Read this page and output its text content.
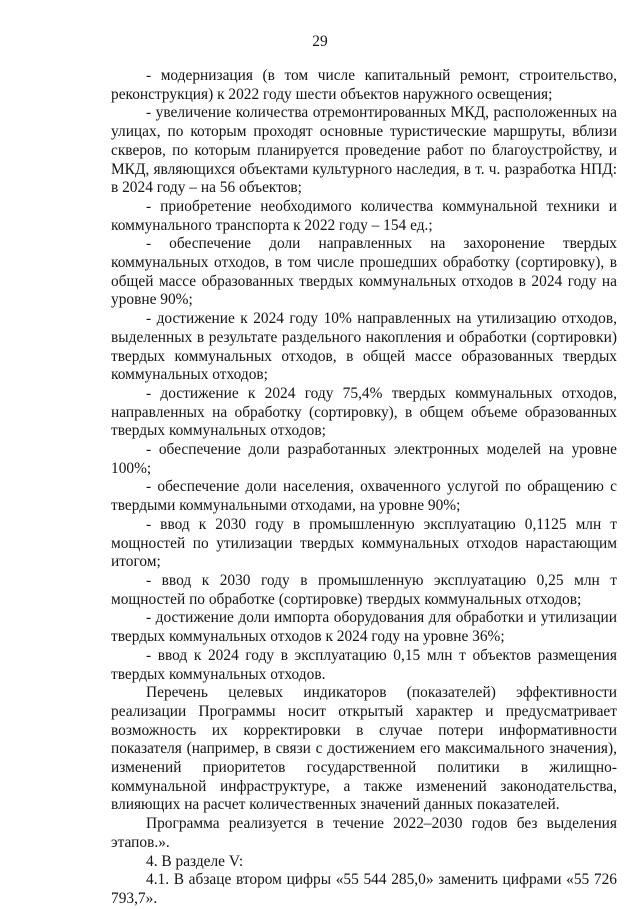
29

- модернизация (в том числе капитальный ремонт, строительство, реконструкция) к 2022 году шести объектов наружного освещения;

- увеличение количества отремонтированных МКД, расположенных на улицах, по которым проходят основные туристические маршруты, вблизи скверов, по которым планируется проведение работ по благоустройству, и МКД, являющихся объектами культурного наследия, в т. ч. разработка НПД: в 2024 году – на 56 объектов;

- приобретение необходимого количества коммунальной техники и коммунального транспорта к 2022 году – 154 ед.;

- обеспечение доли направленных на захоронение твердых коммунальных отходов, в том числе прошедших обработку (сортировку), в общей массе образованных твердых коммунальных отходов в 2024 году на уровне 90%;

- достижение к 2024 году 10% направленных на утилизацию отходов, выделенных в результате раздельного накопления и обработки (сортировки) твердых коммунальных отходов, в общей массе образованных твердых коммунальных отходов;

- достижение к 2024 году 75,4% твердых коммунальных отходов, направленных на обработку (сортировку), в общем объеме образованных твердых коммунальных отходов;

- обеспечение доли разработанных электронных моделей на уровне 100%;

- обеспечение доли населения, охваченного услугой по обращению с твердыми коммунальными отходами, на уровне 90%;

- ввод к 2030 году в промышленную эксплуатацию 0,1125 млн т мощностей по утилизации твердых коммунальных отходов нарастающим итогом;

- ввод к 2030 году в промышленную эксплуатацию 0,25 млн т мощностей по обработке (сортировке) твердых коммунальных отходов;

- достижение доли импорта оборудования для обработки и утилизации твердых коммунальных отходов к 2024 году на уровне 36%;

- ввод к 2024 году в эксплуатацию 0,15 млн т объектов размещения твердых коммунальных отходов.

Перечень целевых индикаторов (показателей) эффективности реализации Программы носит открытый характер и предусматривает возможность их корректировки в случае потери информативности показателя (например, в связи с достижением его максимального значения), изменений приоритетов государственной политики в жилищно-коммунальной инфраструктуре, а также изменений законодательства, влияющих на расчет количественных значений данных показателей.

Программа реализуется в течение 2022–2030 годов без выделения этапов.».

4. В разделе V:

4.1. В абзаце втором цифры «55 544 285,0» заменить цифрами «55 726 793,7».
